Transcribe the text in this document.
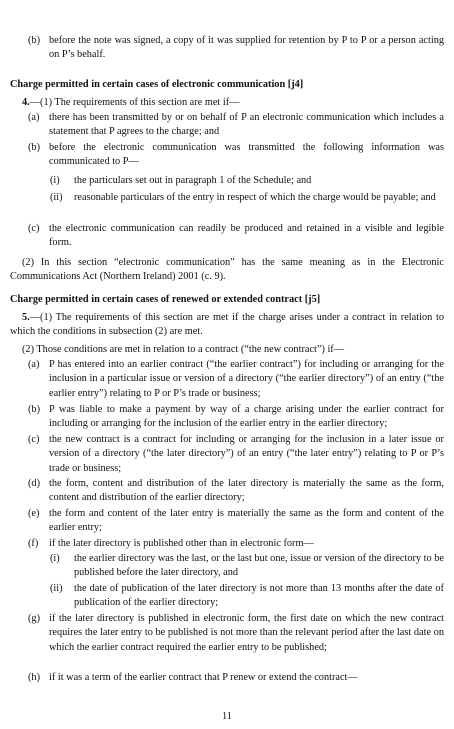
(b) before the note was signed, a copy of it was supplied for retention by P to P or a person acting on P’s behalf.

Charge permitted in certain cases of electronic communication [j4]

4.—(1) The requirements of this section are met if—

(a) there has been transmitted by or on behalf of P an electronic communication which includes a statement that P agrees to the charge; and

(b) before the electronic communication was transmitted the following information was communicated to P—

(i)	the particulars set out in paragraph 1 of the Schedule; and

(ii)	reasonable particulars of the entry in respect of which the charge would be payable; and

(c) the electronic communication can readily be produced and retained in a visible and legible form.

(2) In this section “electronic communication” has the same meaning as in the Electronic Communications Act (Northern Ireland) 2001 (c. 9).

Charge permitted in certain cases of renewed or extended contract [j5]

5.—(1) The requirements of this section are met if the charge arises under a contract in relation to which the conditions in subsection (2) are met.

(2) Those conditions are met in relation to a contract (“the new contract”) if—

(a) P has entered into an earlier contract (“the earlier contract”) for including or arranging for the inclusion in a particular issue or version of a directory (“the earlier directory”) of an entry (“the earlier entry”) relating to P or P’s trade or business;

(b) P was liable to make a payment by way of a charge arising under the earlier contract for including or arranging for the inclusion of the earlier entry in the earlier directory;

(c) the new contract is a contract for including or arranging for the inclusion in a later issue or version of a directory (“the later directory”) of an entry (“the later entry”) relating to P or P’s trade or business;

(d) the form, content and distribution of the later directory is materially the same as the form, content and distribution of the earlier directory;

(e) the form and content of the later entry is materially the same as the form and content of the earlier entry;

(f)	if the later directory is published other than in electronic form—

(i)	the earlier directory was the last, or the last but one, issue or version of the directory to be published before the later directory, and

(ii)	the date of publication of the later directory is not more than 13 months after the date of publication of the earlier directory;

(g) if the later directory is published in electronic form, the first date on which the new contract requires the later entry to be published is not more than the relevant period after the last date on which the earlier contract required the earlier entry to be published;

(h) if it was a term of the earlier contract that P renew or extend the contract—

11
